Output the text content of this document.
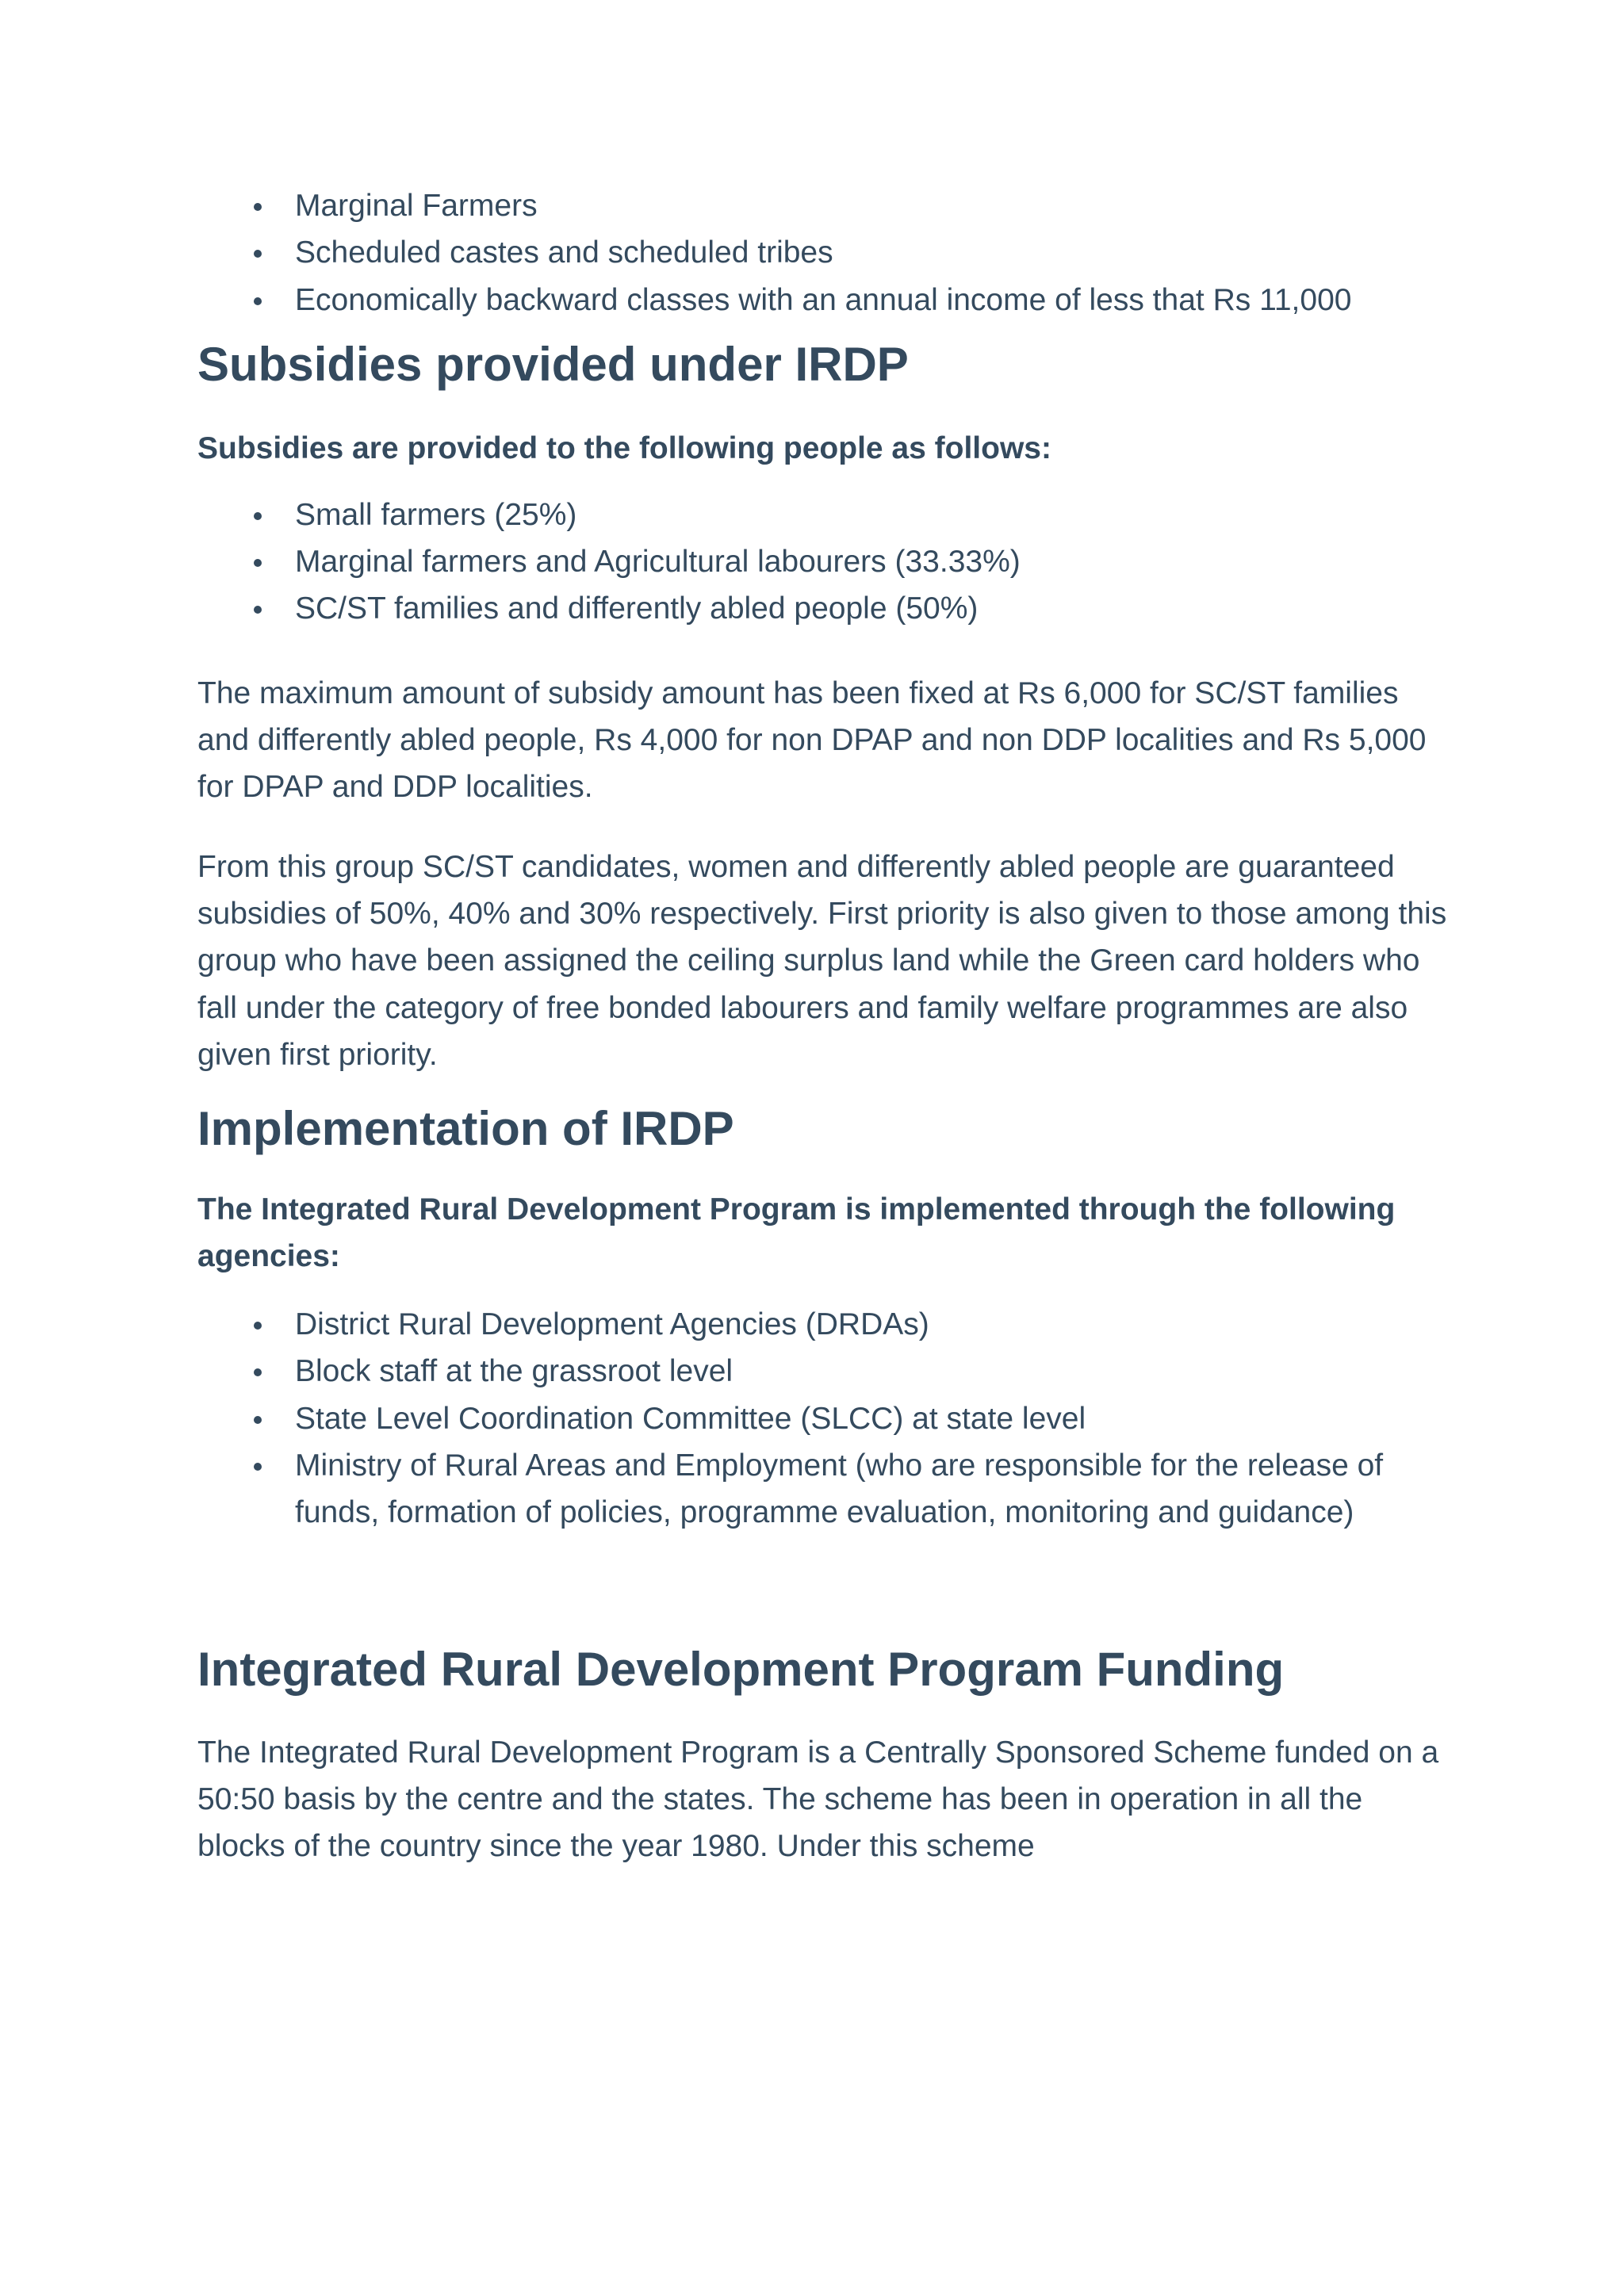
Marginal Farmers
Scheduled castes and scheduled tribes
Economically backward classes with an annual income of less that Rs 11,000
Subsidies provided under IRDP

Subsidies are provided to the following people as follows:

Small farmers (25%)
Marginal farmers and Agricultural labourers (33.33%)
SC/ST families and differently abled people (50%)

The maximum amount of subsidy amount has been fixed at Rs 6,000 for SC/ST families and differently abled people, Rs 4,000 for non DPAP and non DDP localities and Rs 5,000 for DPAP and DDP localities.

From this group SC/ST candidates, women and differently abled people are guaranteed subsidies of 50%, 40% and 30% respectively. First priority is also given to those among this group who have been assigned the ceiling surplus land while the Green card holders who fall under the category of free bonded labourers and family welfare programmes are also given first priority.

Implementation of IRDP

The Integrated Rural Development Program is implemented through the following agencies:

District Rural Development Agencies (DRDAs)
Block staff at the grassroot level
State Level Coordination Committee (SLCC) at state level
Ministry of Rural Areas and Employment (who are responsible for the release of funds, formation of policies, programme evaluation, monitoring and guidance)
Integrated Rural Development Program Funding

The Integrated Rural Development Program is a Centrally Sponsored Scheme funded on a 50:50 basis by the centre and the states. The scheme has been in operation in all the blocks of the country since the year 1980. Under this scheme
